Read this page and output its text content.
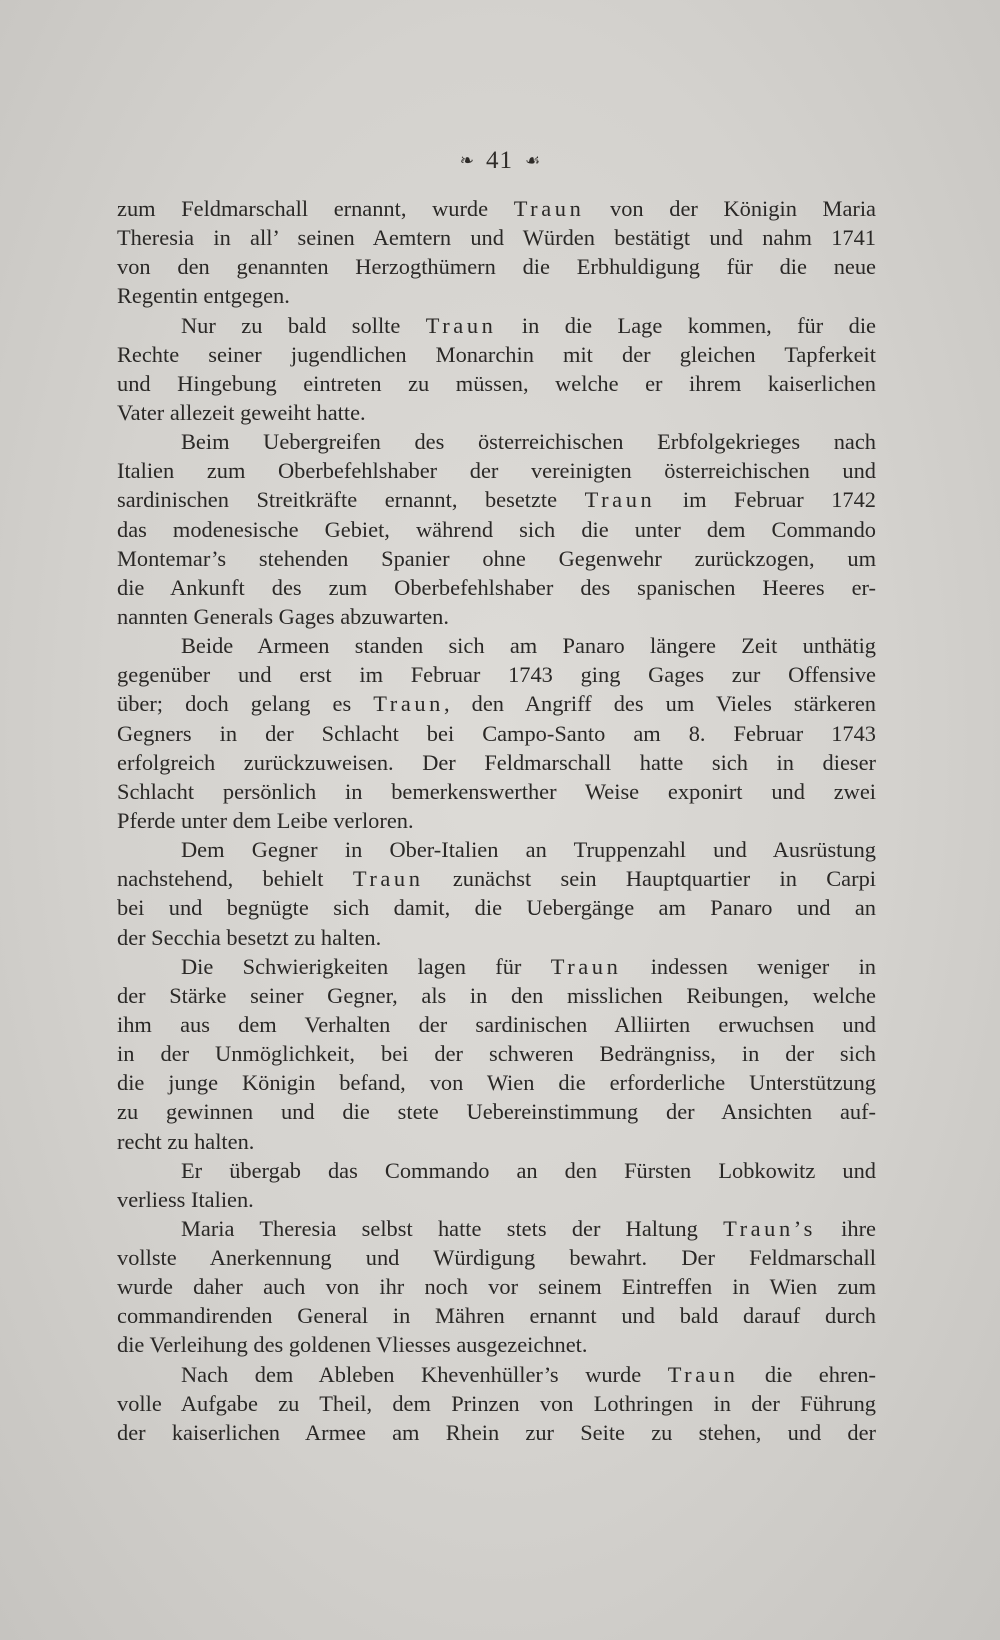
❧ 41 ☙
zum Feldmarschall ernannt, wurde Traun von der Königin Maria
Theresia in all’ seinen Aemtern und Würden bestätigt und nahm 1741
von den genannten Herzogthümern die Erbhuldigung für die neue
Regentin entgegen.
Nur zu bald sollte Traun in die Lage kommen, für die
Rechte seiner jugendlichen Monarchin mit der gleichen Tapferkeit
und Hingebung eintreten zu müssen, welche er ihrem kaiserlichen
Vater allezeit geweiht hatte.
Beim Uebergreifen des österreichischen Erbfolgekrieges nach
Italien zum Oberbefehlshaber der vereinigten österreichischen und
sardinischen Streitkräfte ernannt, besetzte Traun im Februar 1742
das modenesische Gebiet, während sich die unter dem Commando
Montemar’s stehenden Spanier ohne Gegenwehr zurückzogen, um
die Ankunft des zum Oberbefehlshaber des spanischen Heeres er-
nannten Generals Gages abzuwarten.
Beide Armeen standen sich am Panaro längere Zeit unthätig
gegenüber und erst im Februar 1743 ging Gages zur Offensive
über; doch gelang es Traun, den Angriff des um Vieles stärkeren
Gegners in der Schlacht bei Campo-Santo am 8. Februar 1743
erfolgreich zurückzuweisen. Der Feldmarschall hatte sich in dieser
Schlacht persönlich in bemerkenswerther Weise exponirt und zwei
Pferde unter dem Leibe verloren.
Dem Gegner in Ober-Italien an Truppenzahl und Ausrüstung
nachstehend, behielt Traun zunächst sein Hauptquartier in Carpi
bei und begnügte sich damit, die Uebergänge am Panaro und an
der Secchia besetzt zu halten.
Die Schwierigkeiten lagen für Traun indessen weniger in
der Stärke seiner Gegner, als in den misslichen Reibungen, welche
ihm aus dem Verhalten der sardinischen Alliirten erwuchsen und
in der Unmöglichkeit, bei der schweren Bedrängniss, in der sich
die junge Königin befand, von Wien die erforderliche Unterstützung
zu gewinnen und die stete Uebereinstimmung der Ansichten auf-
recht zu halten.
Er übergab das Commando an den Fürsten Lobkowitz und
verliess Italien.
Maria Theresia selbst hatte stets der Haltung Traun’s ihre
vollste Anerkennung und Würdigung bewahrt. Der Feldmarschall
wurde daher auch von ihr noch vor seinem Eintreffen in Wien zum
commandirenden General in Mähren ernannt und bald darauf durch
die Verleihung des goldenen Vliesses ausgezeichnet.
Nach dem Ableben Khevenhüller’s wurde Traun die ehren-
volle Aufgabe zu Theil, dem Prinzen von Lothringen in der Führung
der kaiserlichen Armee am Rhein zur Seite zu stehen, und der
